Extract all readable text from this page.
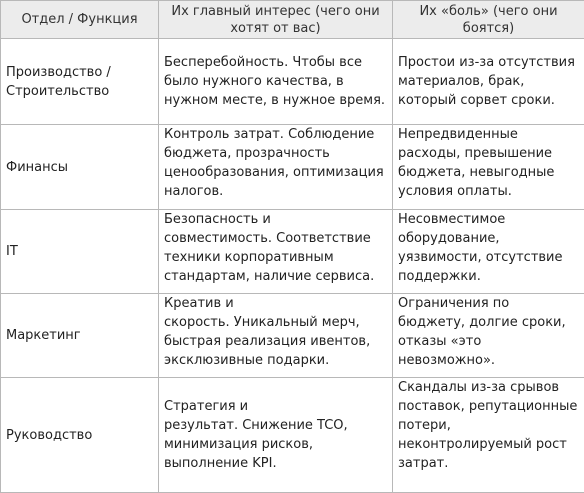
Отдел / Функция	Их главный интерес (чего они
хотят от вас)	Их «боль» (чего они
боятся)

Производство /
Строительство	Бесперебойность. Чтобы все
было нужного качества, в
нужном месте, в нужное время.	Простои из-за отсутствия
материалов, брак,
который сорвет сроки.

Финансы	Контроль затрат. Соблюдение
бюджета, прозрачность
ценообразования, оптимизация
налогов.	Непредвиденные
расходы, превышение
бюджета, невыгодные
условия оплаты.

IT	Безопасность и
совместимость. Соответствие
техники корпоративным
стандартам, наличие сервиса.	Несовместимое
оборудование,
уязвимости, отсутствие
поддержки.

Маркетинг	Креатив и
скорость. Уникальный мерч,
быстрая реализация ивентов,
эксклюзивные подарки.	Ограничения по
бюджету, долгие сроки,
отказы «это
невозможно».

Руководство	Стратегия и
результат. Снижение TCO,
минимизация рисков,
выполнение KPI.	Скандалы из-за срывов
поставок, репутационные
потери,
неконтролируемый рост
затрат.
